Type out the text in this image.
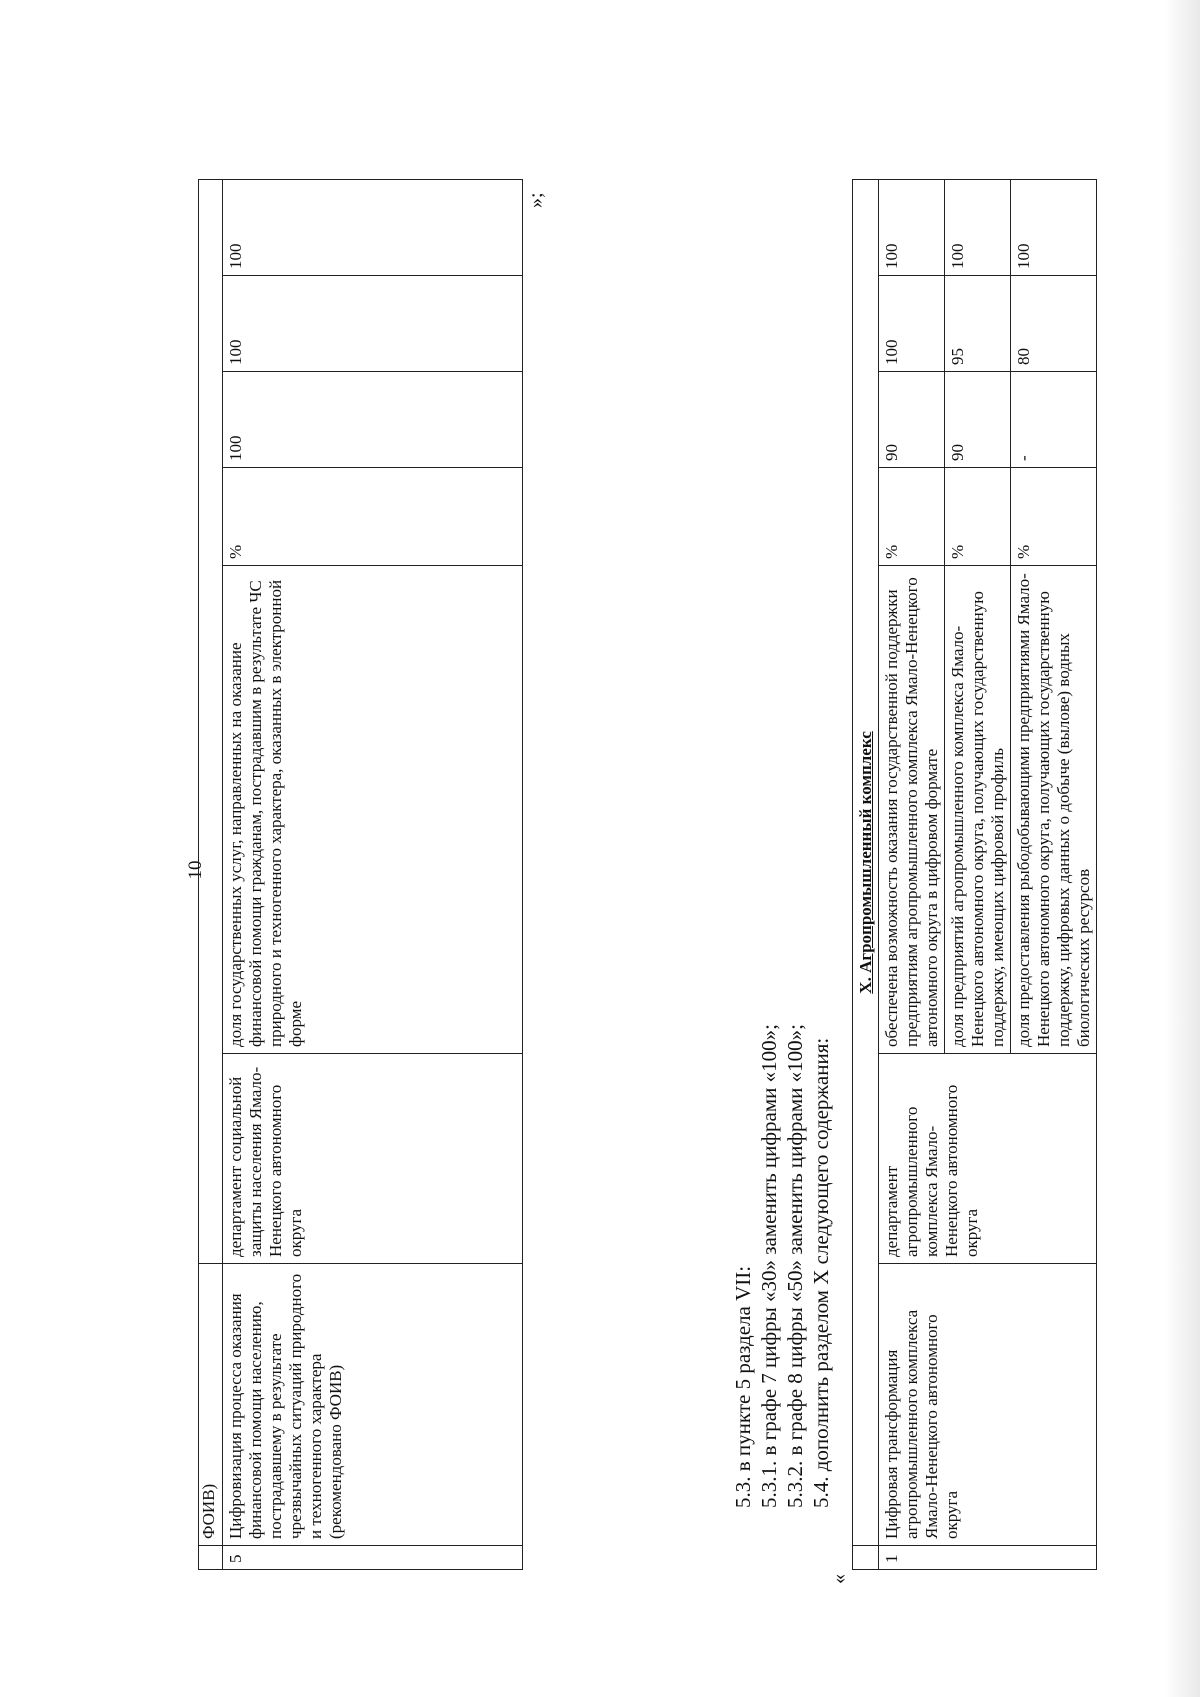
10
	ФОИВ)						
5	Цифровизация процесса оказания финансовой помощи населению, пострадавшему в результате чрезвычайных ситуаций природного и техногенного характера (рекомендовано ФОИВ)	департамент социальной защиты населения Ямало-Ненецкого автономного округа	доля государственных услуг, направленных на оказание финансовой помощи гражданам, пострадавшим в результате ЧС природного и техногенного характера, оказанных в электронной форме	%	100	100	100
»;
5.3. в пункте 5 раздела VII: 5.3.1. в графе 7 цифры «30» заменить цифрами «100»; 5.3.2. в графе 8 цифры «50» заменить цифрами «100»; 5.4. дополнить разделом X следующего содержания:
«
	X. Агропромышленный комплекс						
1	Цифровая трансформация агропромышленного комплекса Ямало-Ненецкого автономного округа	департамент агропромышленного комплекса Ямало-Ненецкого автономного округа	обеспечена возможность оказания государственной поддержки предприятиям агропромышленного комплекса Ямало-Ненецкого автономного округа в цифровом формате	%	90	100	100
			доля предприятий агропромышленного комплекса Ямало-Ненецкого автономного округа, получающих государственную поддержку, имеющих цифровой профиль	%	90	95	100
			доля предоставления рыбодобывающими предприятиями Ямало-Ненецкого автономного округа, получающих государственную поддержку, цифровых данных о добыче (вылове) водных биологических ресурсов	%	-	80	100
